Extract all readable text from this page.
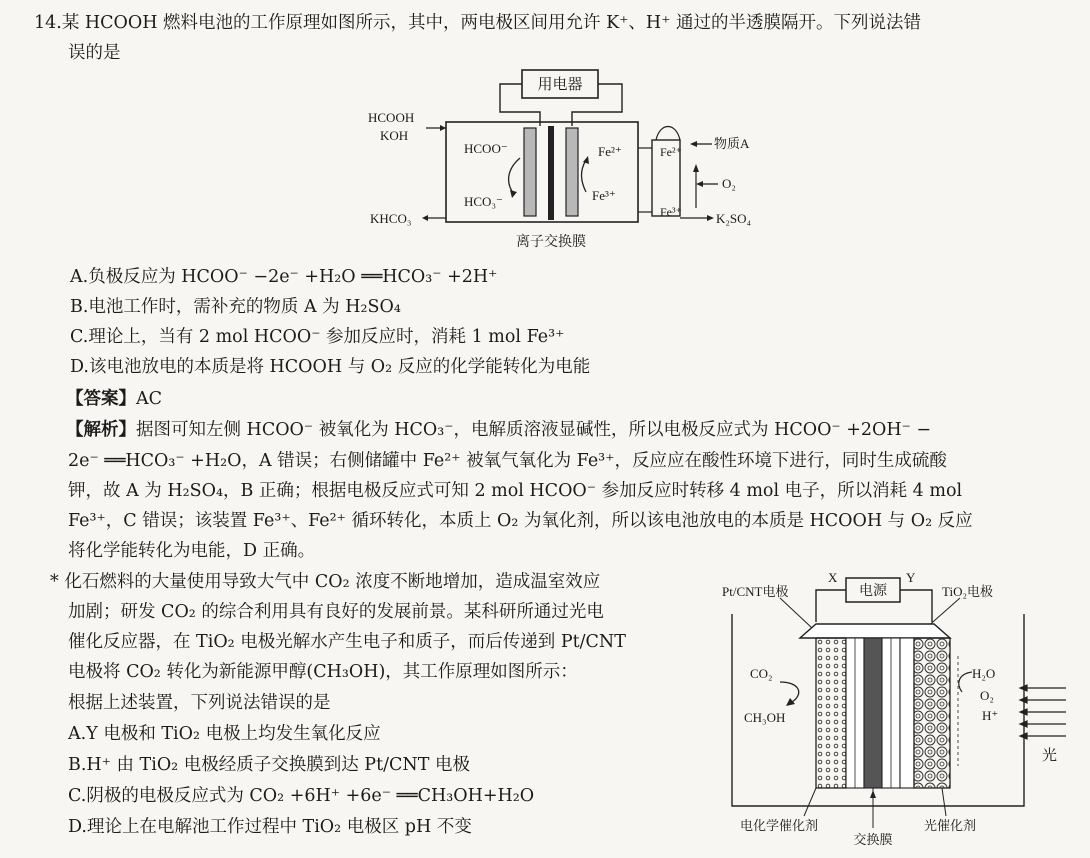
14.某 HCOOH 燃料电池的工作原理如图所示，其中，两电极区间用允许 K⁺、H⁺ 通过的半透膜隔开。下列说法错
误的是
用电器
HCOOH
KOH
KHCO₃
HCOO⁻
HCO₃⁻
Fe²⁺
Fe³⁺
Fe²⁺
Fe³⁺
物质A
O₂
K₂SO₄
离子交换膜
A.负极反应为 HCOO⁻ −2e⁻ +H₂O ══HCO₃⁻ +2H⁺
B.电池工作时，需补充的物质 A 为 H₂SO₄
C.理论上，当有 2 mol HCOO⁻ 参加反应时，消耗 1 mol Fe³⁺
D.该电池放电的本质是将 HCOOH 与 O₂ 反应的化学能转化为电能
【答案】AC
【解析】据图可知左侧 HCOO⁻ 被氧化为 HCO₃⁻，电解质溶液显碱性，所以电极反应式为 HCOO⁻ +2OH⁻ −
2e⁻ ══HCO₃⁻ +H₂O，A 错误；右侧储罐中 Fe²⁺ 被氧气氧化为 Fe³⁺，反应应在酸性环境下进行，同时生成硫酸
钾，故 A 为 H₂SO₄，B 正确；根据电极反应式可知 2 mol HCOO⁻ 参加反应时转移 4 mol 电子，所以消耗 4 mol
Fe³⁺，C 错误；该装置 Fe³⁺、Fe²⁺ 循环转化，本质上 O₂ 为氧化剂，所以该电池放电的本质是 HCOOH 与 O₂ 反应
将化学能转化为电能，D 正确。
* 化石燃料的大量使用导致大气中 CO₂ 浓度不断地增加，造成温室效应
加剧；研发 CO₂ 的综合利用具有良好的发展前景。某科研所通过光电
催化反应器，在 TiO₂ 电极光解水产生电子和质子，而后传递到 Pt/CNT
电极将 CO₂ 转化为新能源甲醇(CH₃OH)，其工作原理如图所示：
根据上述装置，下列说法错误的是
A.Y 电极和 TiO₂ 电极上均发生氧化反应
B.H⁺ 由 TiO₂ 电极经质子交换膜到达 Pt/CNT 电极
C.阴极的电极反应式为 CO₂ +6H⁺ +6e⁻ ══CH₃OH+H₂O
D.理论上在电解池工作过程中 TiO₂ 电极区 pH 不变
Pt/CNT电极
X	Y
电源	TiO₂电极
CO₂
CH₃OH
H₂O
O₂
H⁺
光
电化学催化剂
交换膜
光催化剂
